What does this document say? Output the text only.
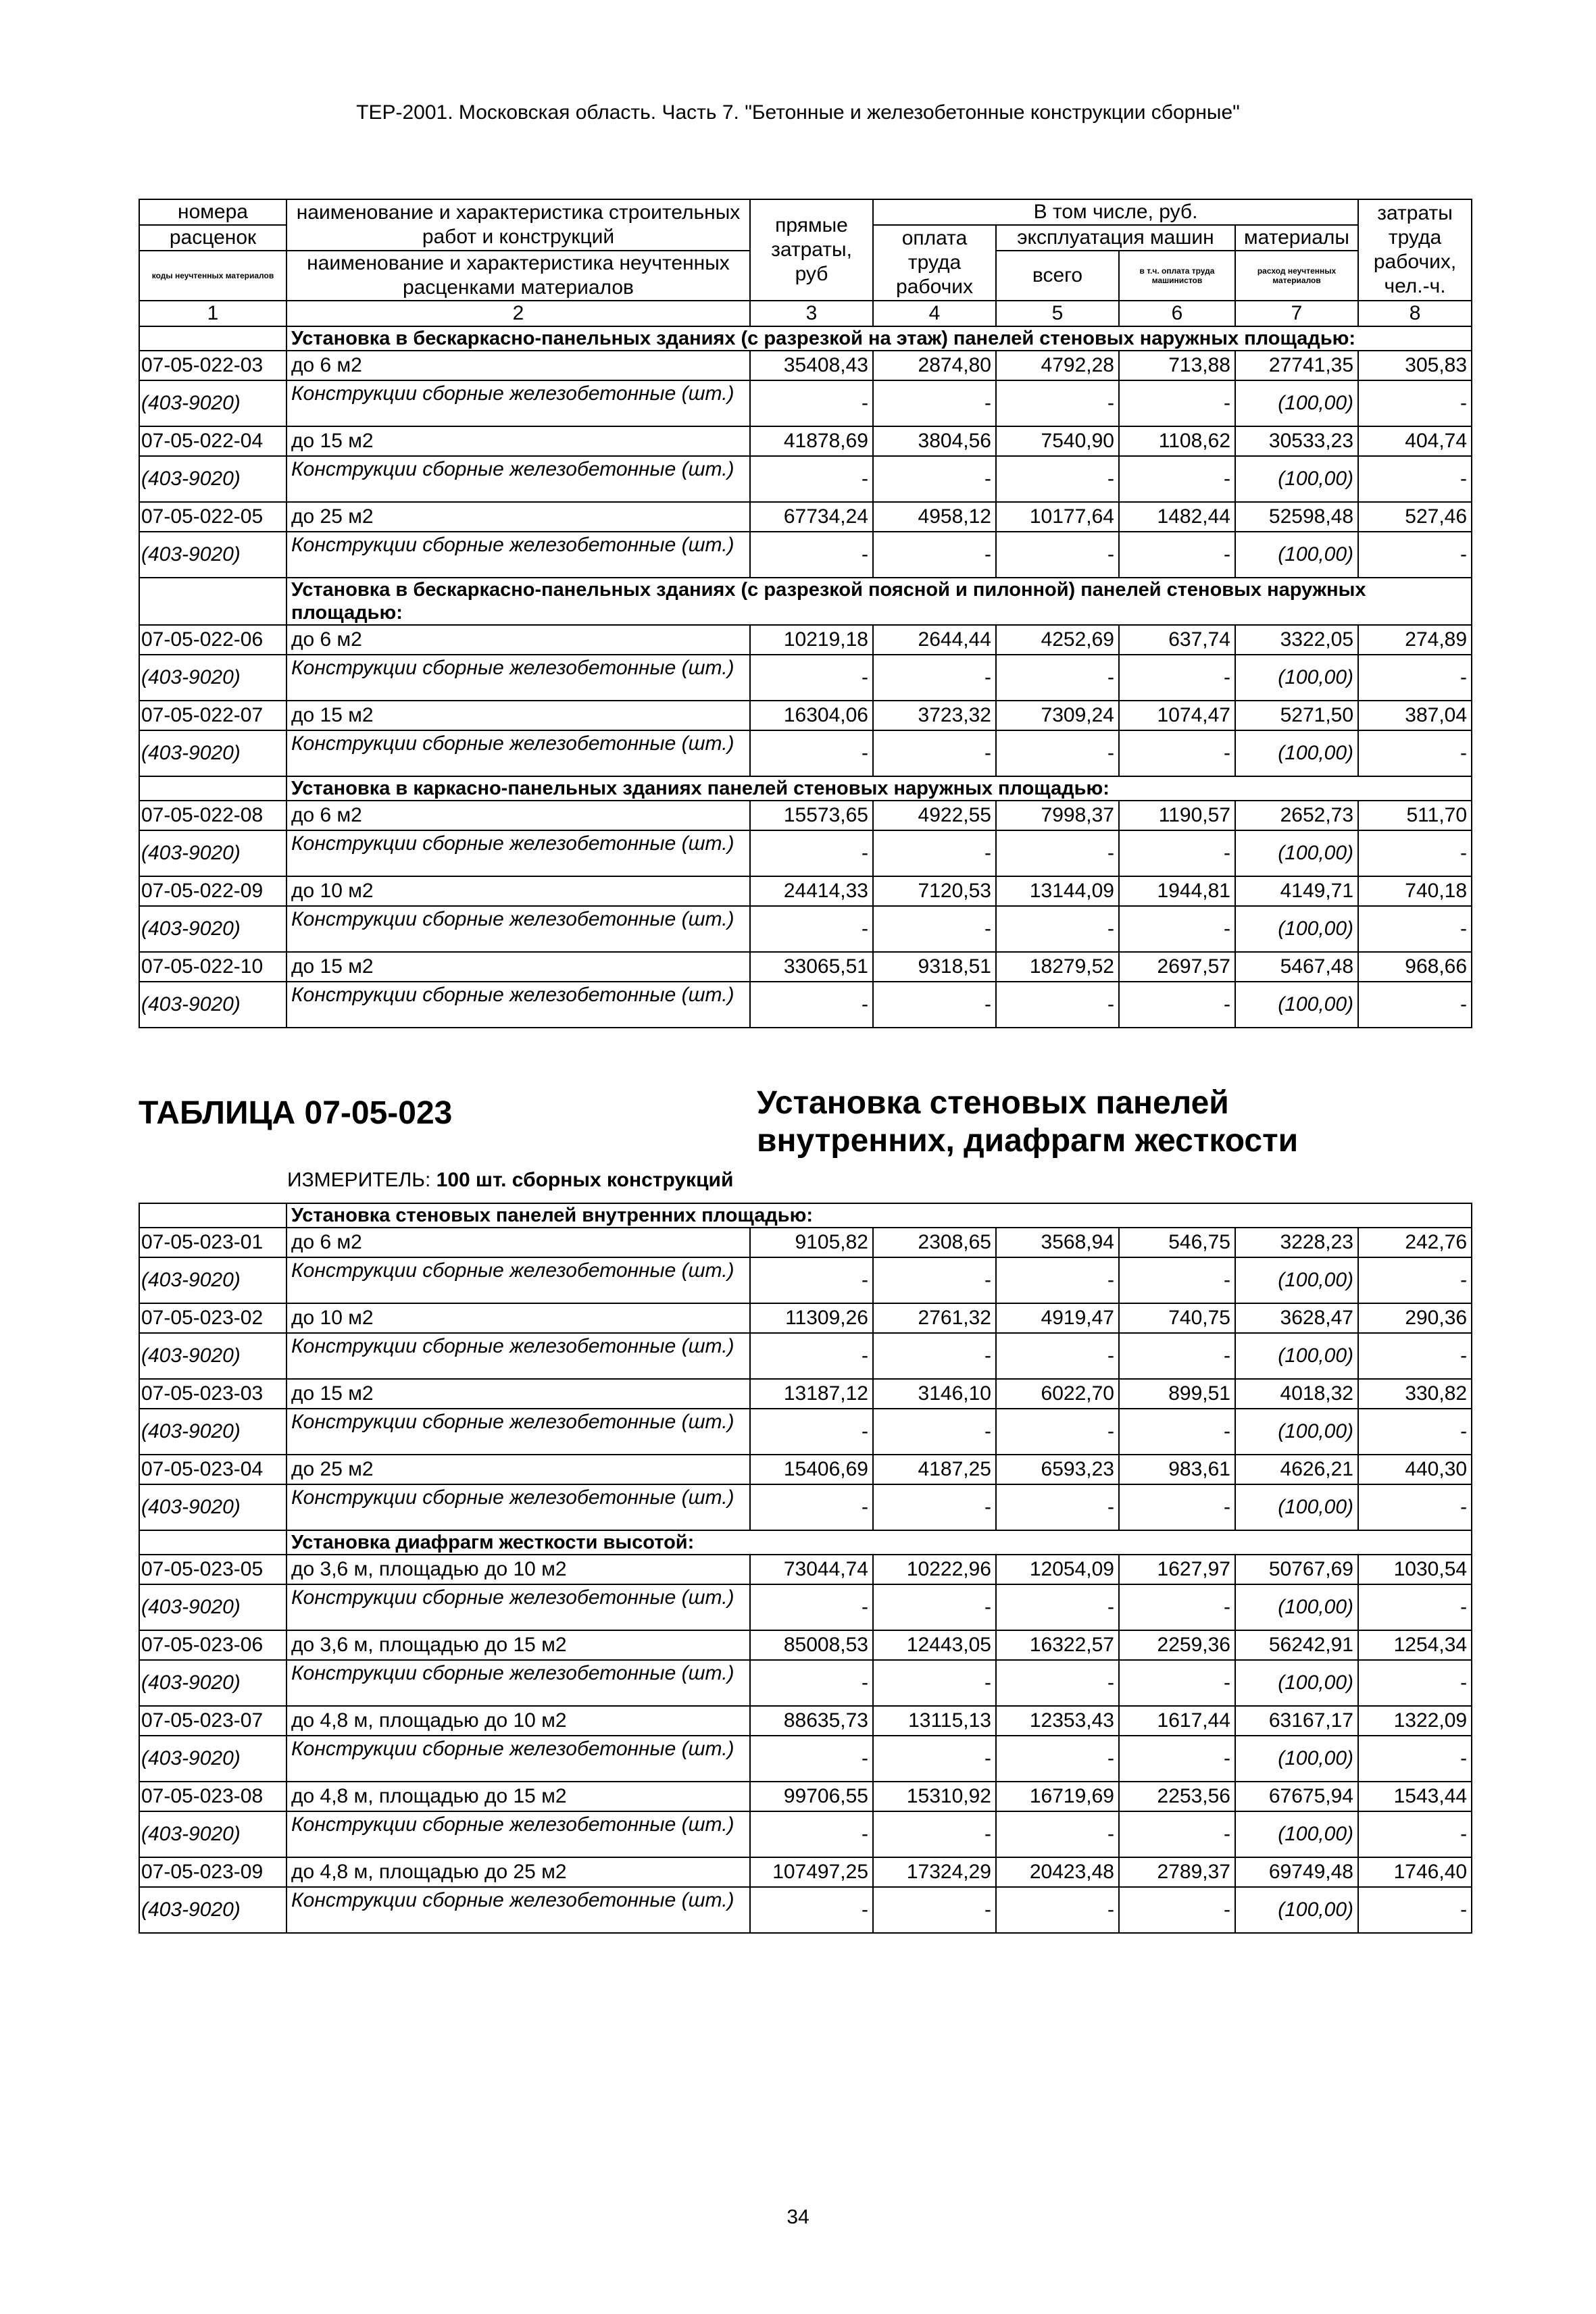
ТЕР-2001. Московская область. Часть 7. "Бетонные и железобетонные конструкции сборные"
номера	наименование и характеристика строительных работ и конструкций	прямые затраты, руб	В том числе, руб.				затраты труда рабочих, чел.-ч.
расценок			оплата труда рабочих	эксплуатация машин		материалы	
коды неучтенных материалов	наименование и характеристика неучтенных расценками материалов			всего	в т.ч. оплата труда машинистов	расход неучтенных материалов	
1	2	3	4	5	6	7	8
	Установка в бескаркасно-панельных зданиях (с разрезкой на этаж) панелей стеновых наружных площадью:						
07-05-022-03	до 6 м2	35408,43	2874,80	4792,28	713,88	27741,35	305,83
(403-9020)	Конструкции сборные железобетонные (шт.)	-	-	-	-	(100,00)	-
07-05-022-04	до 15 м2	41878,69	3804,56	7540,90	1108,62	30533,23	404,74
(403-9020)	Конструкции сборные железобетонные (шт.)	-	-	-	-	(100,00)	-
07-05-022-05	до 25 м2	67734,24	4958,12	10177,64	1482,44	52598,48	527,46
(403-9020)	Конструкции сборные железобетонные (шт.)	-	-	-	-	(100,00)	-
	Установка в бескаркасно-панельных зданиях (с разрезкой поясной и пилонной) панелей стеновых наружных площадью:						
07-05-022-06	до 6 м2	10219,18	2644,44	4252,69	637,74	3322,05	274,89
(403-9020)	Конструкции сборные железобетонные (шт.)	-	-	-	-	(100,00)	-
07-05-022-07	до 15 м2	16304,06	3723,32	7309,24	1074,47	5271,50	387,04
(403-9020)	Конструкции сборные железобетонные (шт.)	-	-	-	-	(100,00)	-
	Установка в каркасно-панельных зданиях панелей стеновых наружных площадью:						
07-05-022-08	до 6 м2	15573,65	4922,55	7998,37	1190,57	2652,73	511,70
(403-9020)	Конструкции сборные железобетонные (шт.)	-	-	-	-	(100,00)	-
07-05-022-09	до 10 м2	24414,33	7120,53	13144,09	1944,81	4149,71	740,18
(403-9020)	Конструкции сборные железобетонные (шт.)	-	-	-	-	(100,00)	-
07-05-022-10	до 15 м2	33065,51	9318,51	18279,52	2697,57	5467,48	968,66
(403-9020)	Конструкции сборные железобетонные (шт.)	-	-	-	-	(100,00)	-
ТАБЛИЦА 07-05-023	Установка стеновых панелей внутренних, диафрагм жесткости
ИЗМЕРИТЕЛЬ: 100 шт. сборных конструкций
	Установка стеновых панелей внутренних площадью:						
07-05-023-01	до 6 м2	9105,82	2308,65	3568,94	546,75	3228,23	242,76
(403-9020)	Конструкции сборные железобетонные (шт.)	-	-	-	-	(100,00)	-
07-05-023-02	до 10 м2	11309,26	2761,32	4919,47	740,75	3628,47	290,36
(403-9020)	Конструкции сборные железобетонные (шт.)	-	-	-	-	(100,00)	-
07-05-023-03	до 15 м2	13187,12	3146,10	6022,70	899,51	4018,32	330,82
(403-9020)	Конструкции сборные железобетонные (шт.)	-	-	-	-	(100,00)	-
07-05-023-04	до 25 м2	15406,69	4187,25	6593,23	983,61	4626,21	440,30
(403-9020)	Конструкции сборные железобетонные (шт.)	-	-	-	-	(100,00)	-
	Установка диафрагм жесткости высотой:						
07-05-023-05	до 3,6 м, площадью до 10 м2	73044,74	10222,96	12054,09	1627,97	50767,69	1030,54
(403-9020)	Конструкции сборные железобетонные (шт.)	-	-	-	-	(100,00)	-
07-05-023-06	до 3,6 м, площадью до 15 м2	85008,53	12443,05	16322,57	2259,36	56242,91	1254,34
(403-9020)	Конструкции сборные железобетонные (шт.)	-	-	-	-	(100,00)	-
07-05-023-07	до 4,8 м, площадью до 10 м2	88635,73	13115,13	12353,43	1617,44	63167,17	1322,09
(403-9020)	Конструкции сборные железобетонные (шт.)	-	-	-	-	(100,00)	-
07-05-023-08	до 4,8 м, площадью до 15 м2	99706,55	15310,92	16719,69	2253,56	67675,94	1543,44
(403-9020)	Конструкции сборные железобетонные (шт.)	-	-	-	-	(100,00)	-
07-05-023-09	до 4,8 м, площадью до 25 м2	107497,25	17324,29	20423,48	2789,37	69749,48	1746,40
(403-9020)	Конструкции сборные железобетонные (шт.)	-	-	-	-	(100,00)	-
34
